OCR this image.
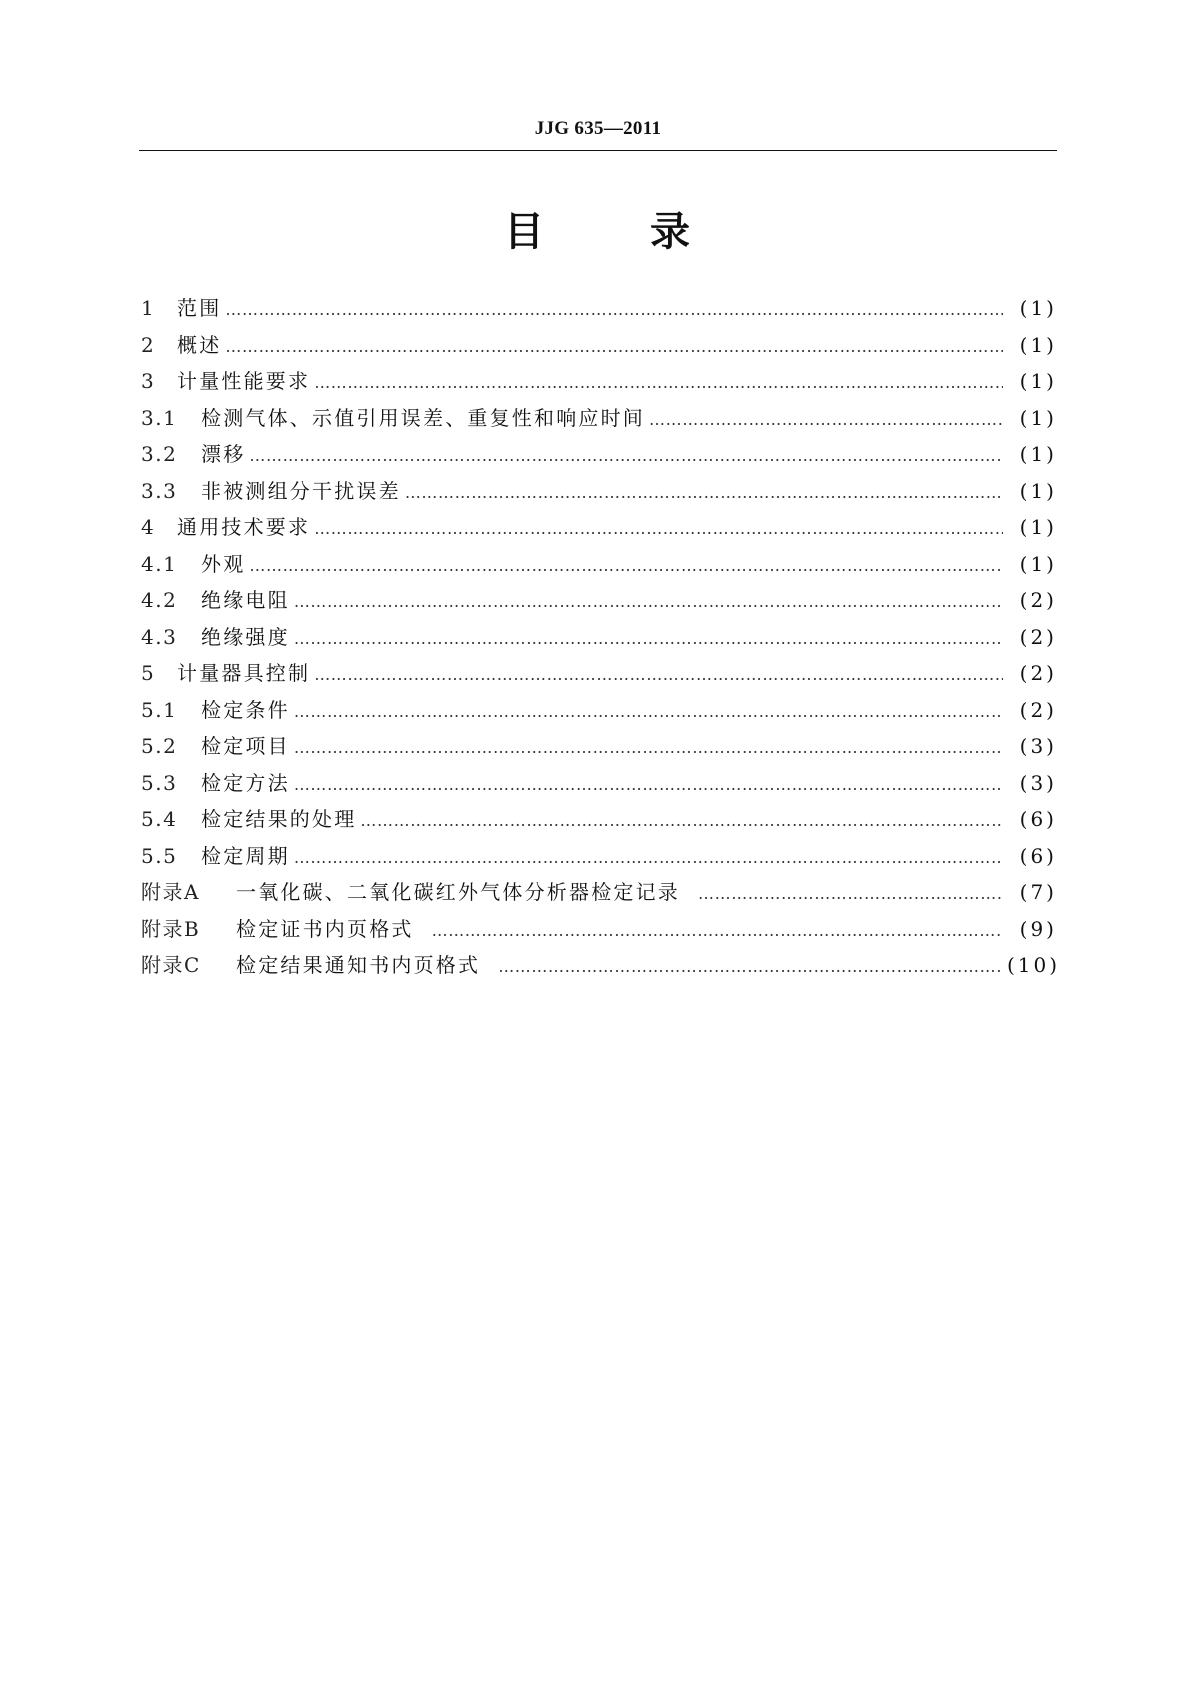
JJG 635—2011
目	录
1	范围 …………………………………………………………………………………………………………………………………………………………………………………………………………………………………	(1)
2	概述 …………………………………………………………………………………………………………………………………………………………………………………………………………………………………	(1)
3	计量性能要求 …………………………………………………………………………………………………………………………………………………………………………………………………………………………………	(1)
3.1	检测气体、示值引用误差、重复性和响应时间 …………………………………………………………………………………………………………………………………………………………………………………………………………………………………	(1)
3.2	漂移 …………………………………………………………………………………………………………………………………………………………………………………………………………………………………	(1)
3.3	非被测组分干扰误差 …………………………………………………………………………………………………………………………………………………………………………………………………………………………………	(1)
4	通用技术要求 …………………………………………………………………………………………………………………………………………………………………………………………………………………………………	(1)
4.1	外观 …………………………………………………………………………………………………………………………………………………………………………………………………………………………………	(1)
4.2	绝缘电阻 …………………………………………………………………………………………………………………………………………………………………………………………………………………………………	(2)
4.3	绝缘强度 …………………………………………………………………………………………………………………………………………………………………………………………………………………………………	(2)
5	计量器具控制 …………………………………………………………………………………………………………………………………………………………………………………………………………………………………	(2)
5.1	检定条件 …………………………………………………………………………………………………………………………………………………………………………………………………………………………………	(2)
5.2	检定项目 …………………………………………………………………………………………………………………………………………………………………………………………………………………………………	(3)
5.3	检定方法 …………………………………………………………………………………………………………………………………………………………………………………………………………………………………	(3)
5.4	检定结果的处理 …………………………………………………………………………………………………………………………………………………………………………………………………………………………………	(6)
5.5	检定周期 …………………………………………………………………………………………………………………………………………………………………………………………………………………………………	(6)
附录A	一氧化碳、二氧化碳红外气体分析器检定记录 …………………………………………………………………………………………………………………………………………………………………………………………………………………………………	(7)
附录B	检定证书内页格式 …………………………………………………………………………………………………………………………………………………………………………………………………………………………………	(9)
附录C	检定结果通知书内页格式 …………………………………………………………………………………………………………………………………………………………………………………………………………………………………	(10)
